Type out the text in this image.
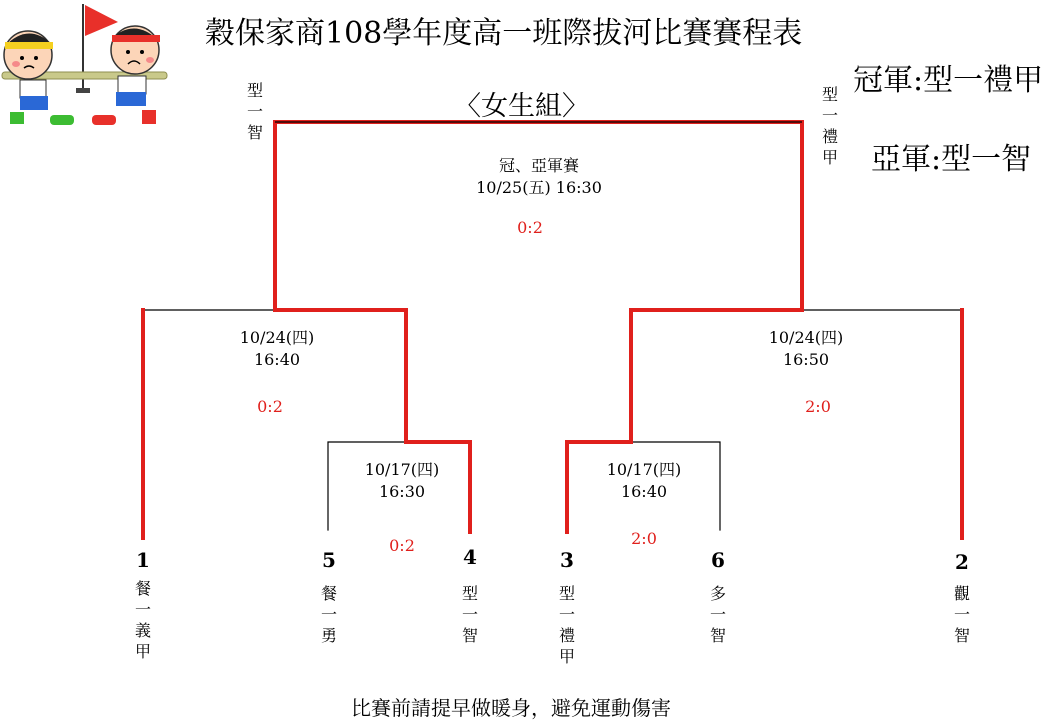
穀保家商108學年度高一班際拔河比賽賽程表
〈女生組〉
冠軍:型一禮甲
亞軍:型一智
型
一
智
型
一
禮
甲
冠、亞軍賽
10/25(五) 16:30
0:2
10/24(四)
16:40
0:2
10/24(四)
16:50
2:0
10/17(四)
16:30
0:2
10/17(四)
16:40
2:0
1
餐
一
義
甲
5
餐
一
勇
4
型
一
智
3
型
一
禮
甲
6
多
一
智
2
觀
一
智
比賽前請提早做暖身，避免運動傷害
